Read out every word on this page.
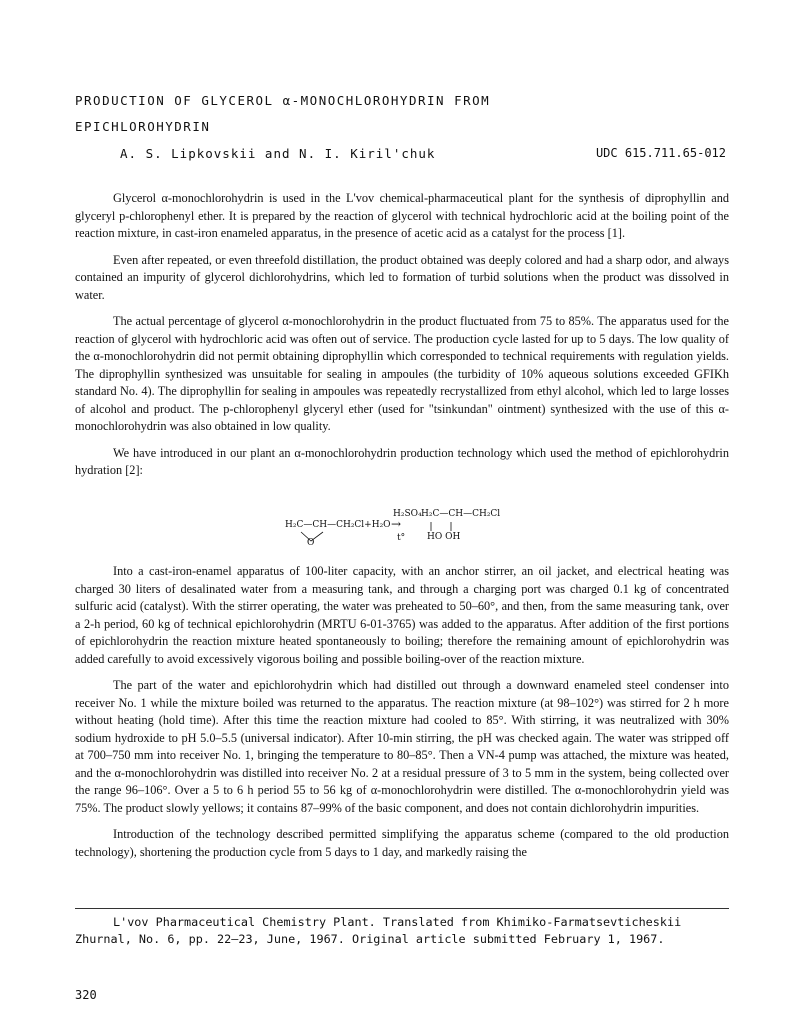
PRODUCTION OF GLYCEROL α-MONOCHLOROHYDRIN FROM
EPICHLOROHYDRIN
A. S. Lipkovskii and N. I. Kiril'chuk	UDC 615.711.65-012

Glycerol α-monochlorohydrin is used in the L'vov chemical-pharmaceutical plant for the synthesis of diprophyllin and glyceryl p-chlorophenyl ether. It is prepared by the reaction of glycerol with technical hydrochloric acid at the boiling point of the reaction mixture, in cast-iron enameled apparatus, in the presence of acetic acid as a catalyst for the process [1].

Even after repeated, or even threefold distillation, the product obtained was deeply colored and had a sharp odor, and always contained an impurity of glycerol dichlorohydrins, which led to formation of turbid solutions when the product was dissolved in water.

The actual percentage of glycerol α-monochlorohydrin in the product fluctuated from 75 to 85%. The apparatus used for the reaction of glycerol with hydrochloric acid was often out of service. The production cycle lasted for up to 5 days. The low quality of the α-monochlorohydrin did not permit obtaining diprophyllin which corresponded to technical requirements with regulation yields. The diprophyllin synthesized was unsuitable for sealing in ampoules (the turbidity of 10% aqueous solutions exceeded GFIKh standard No. 4). The diprophyllin for sealing in ampoules was repeatedly recrystallized from ethyl alcohol, which led to large losses of alcohol and product. The p-chlorophenyl glyceryl ether (used for "tsinkundan" ointment) synthesized with the use of this α-monochlorohydrin was also obtained in low quality.

We have introduced in our plant an α-monochlorohydrin production technology which used the method of epichlorohydrin hydration [2]:

H₂C—CH—CH₂Cl+H₂O
O
H₂SO₄
→
t°
H₂C—CH—CH₂Cl
HO OH

Into a cast-iron-enamel apparatus of 100-liter capacity, with an anchor stirrer, an oil jacket, and electrical heating was charged 30 liters of desalinated water from a measuring tank, and through a charging port was charged 0.1 kg of concentrated sulfuric acid (catalyst). With the stirrer operating, the water was preheated to 50–60°, and then, from the same measuring tank, over a 2-h period, 60 kg of technical epichlorohydrin (MRTU 6-01-3765) was added to the apparatus. After addition of the first portions of epichlorohydrin the reaction mixture heated spontaneously to boiling; therefore the remaining amount of epichlorohydrin was added carefully to avoid excessively vigorous boiling and possible boiling-over of the reaction mixture.

The part of the water and epichlorohydrin which had distilled out through a downward enameled steel condenser into receiver No. 1 while the mixture boiled was returned to the apparatus. The reaction mixture (at 98–102°) was stirred for 2 h more without heating (hold time). After this time the reaction mixture had cooled to 85°. With stirring, it was neutralized with 30% sodium hydroxide to pH 5.0–5.5 (universal indicator). After 10-min stirring, the pH was checked again. The water was stripped off at 700–750 mm into receiver No. 1, bringing the temperature to 80–85°. Then a VN-4 pump was attached, the mixture was heated, and the α-monochlorohydrin was distilled into receiver No. 2 at a residual pressure of 3 to 5 mm in the system, being collected over the range 96–106°. Over a 5 to 6 h period 55 to 56 kg of α-monochlorohydrin were distilled. The α-monochlorohydrin yield was 75%. The product slowly yellows; it contains 87–99% of the basic component, and does not contain dichlorohydrin impurities.

Introduction of the technology described permitted simplifying the apparatus scheme (compared to the old production technology), shortening the production cycle from 5 days to 1 day, and markedly raising the

L'vov Pharmaceutical Chemistry Plant. Translated from Khimiko-Farmatsevticheskii Zhurnal, No. 6, pp. 22–23, June, 1967. Original article submitted February 1, 1967.

320
